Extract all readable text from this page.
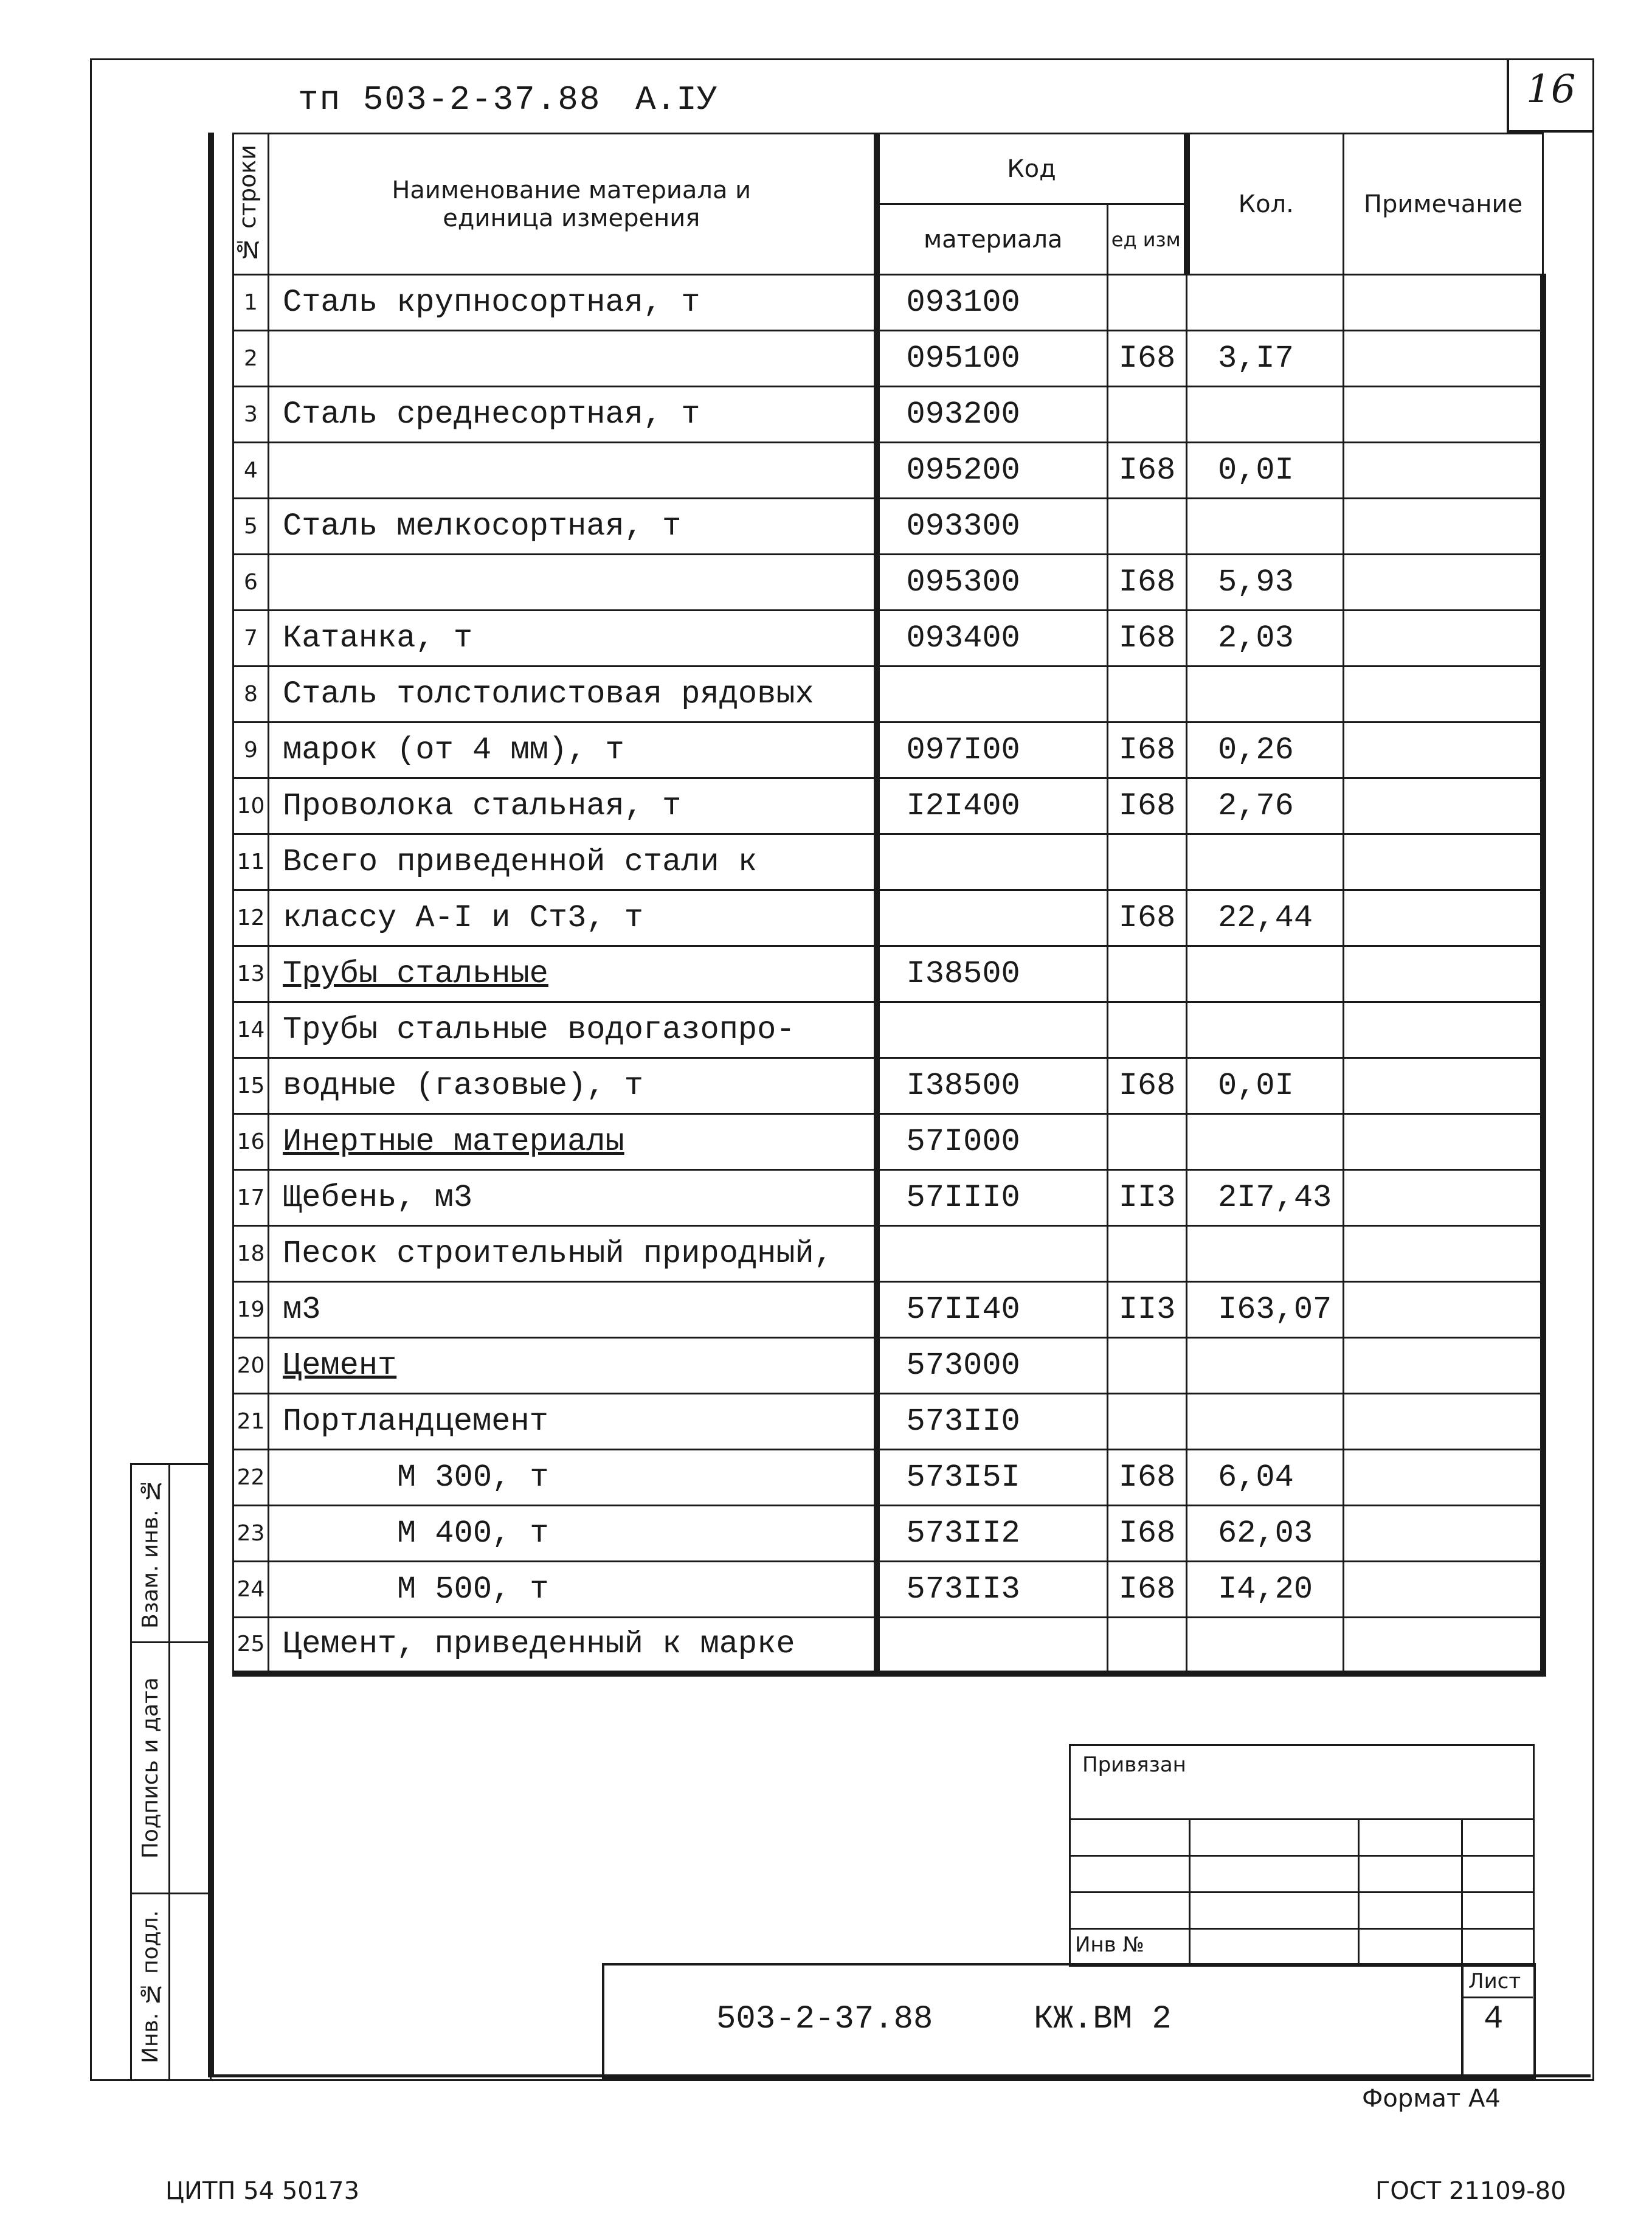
тп 503-2-37.88 А.IУ	16
№ строки	Наименование материала и
единица измерения	Код		Кол.	Примечание
		материала	ед изм		
1	Сталь крупносортная, т	093100			
2		095100	I68	3,I7	
3	Сталь среднесортная, т	093200			
4		095200	I68	0,0I	
5	Сталь мелкосортная, т	093300			
6		095300	I68	5,93	
7	Катанка, т	093400	I68	2,03	
8	Сталь толстолистовая рядовых				
9	марок (от 4 мм), т	097I00	I68	0,26	
10	Проволока стальная, т	I2I400	I68	2,76	
11	Всего приведенной стали к				
12	классу А-I и Ст3, т		I68	22,44	
13	Трубы стальные	I38500			
14	Трубы стальные водогазопро-				
15	водные (газовые), т	I38500	I68	0,0I	
16	Инертные материалы	57I000			
17	Щебень, м3	57III0	II3	2I7,43	
18	Песок строительный природный,				
19	м3	57II40	II3	I63,07	
20	Цемент	573000			
21	Портландцемент	573II0			
22	М 300, т	573I5I	I68	6,04	
23	М 400, т	573II2	I68	62,03	
24	М 500, т	573II3	I68	I4,20	
25	Цемент, приведенный к марке				
Взам. инв. №
Подпись и дата
Инв. № подл.
Привязан
Инв №
503-2-37.88	КЖ.ВМ 2
Лист
4
Формат А4
ЦИТП 54 50173	ГОСТ 21109-80
